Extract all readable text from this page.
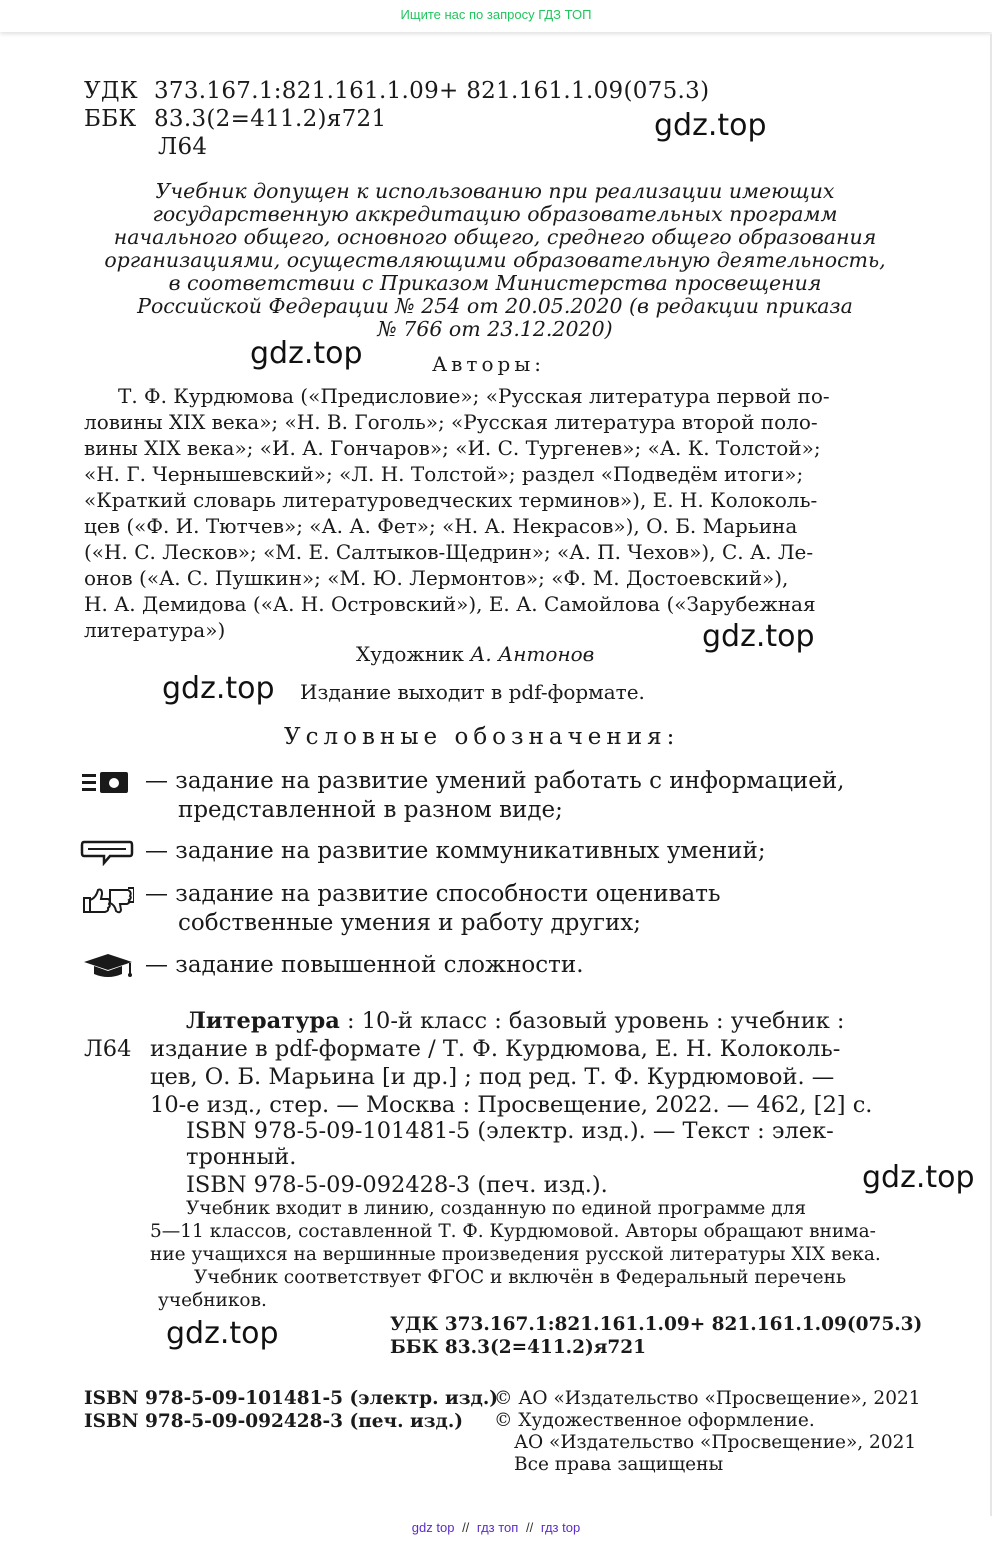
Ищите нас по запросу ГДЗ ТОП
УДК 373.167.1:821.161.1.09+ 821.161.1.09(075.3)
ББК 83.3(2=411.2)я721
Л64
gdz.top
Учебник допущен к использованию при реализации имеющих
государственную аккредитацию образовательных программ
начального общего, основного общего, среднего общего образования
организациями, осуществляющими образовательную деятельность,
в соответствии с Приказом Министерства просвещения
Российской Федерации № 254 от 20.05.2020 (в редакции приказа
№ 766 от 23.12.2020)
gdz.top	Авторы:
Т. Ф. Курдюмова («Предисловие»; «Русская литература первой по-
ловины XIX века»; «Н. В. Гоголь»; «Русская литература второй поло-
вины XIX века»; «И. А. Гончаров»; «И. С. Тургенев»; «А. К. Толстой»;
«Н. Г. Чернышевский»; «Л. Н. Толстой»; раздел «Подведём итоги»;
«Краткий словарь литературоведческих терминов»), Е. Н. Колоколь-
цев («Ф. И. Тютчев»; «А. А. Фет»; «Н. А. Некрасов»), О. Б. Марьина
(«Н. С. Лесков»; «М. Е. Салтыков-Щедрин»; «А. П. Чехов»), С. А. Ле-
онов («А. С. Пушкин»; «М. Ю. Лермонтов»; «Ф. М. Достоевский»),
Н. А. Демидова («А. Н. Островский»), Е. А. Самойлова («Зарубежная
литература»)
Художник А. Антонов	gdz.top
gdz.top Издание выходит в pdf-формате.
Условные обозначения:
— задание на развитие умений работать с информацией,
представленной в разном виде;
— задание на развитие коммуникативных умений;
— задание на развитие способности оценивать
собственные умения и работу других;
— задание повышенной сложности.
Литература : 10-й класс : базовый уровень : учебник :
Л64 издание в pdf-формате / Т. Ф. Курдюмова, Е. Н. Колоколь-
цев, О. Б. Марьина [и др.] ; под ред. Т. Ф. Курдюмовой. —
10-е изд., стер. — Москва : Просвещение, 2022. — 462, [2] с.
ISBN 978-5-09-101481-5 (электр. изд.). — Текст : элек-
тронный.
ISBN 978-5-09-092428-3 (печ. изд.).	gdz.top
Учебник входит в линию, созданную по единой программе для
5—11 классов, составленной Т. Ф. Курдюмовой. Авторы обращают внима-
ние учащихся на вершинные произведения русской литературы XIX века.
Учебник соответствует ФГОС и включён в Федеральный перечень
учебников.
gdz.top	УДК 373.167.1:821.161.1.09+ 821.161.1.09(075.3)
ББК 83.3(2=411.2)я721
ISBN 978-5-09-101481-5 (электр. изд.)
ISBN 978-5-09-092428-3 (печ. изд.)
© АО «Издательство «Просвещение», 2021
© Художественное оформление.
АО «Издательство «Просвещение», 2021
Все права защищены
gdz top // гдз топ // гдз top
